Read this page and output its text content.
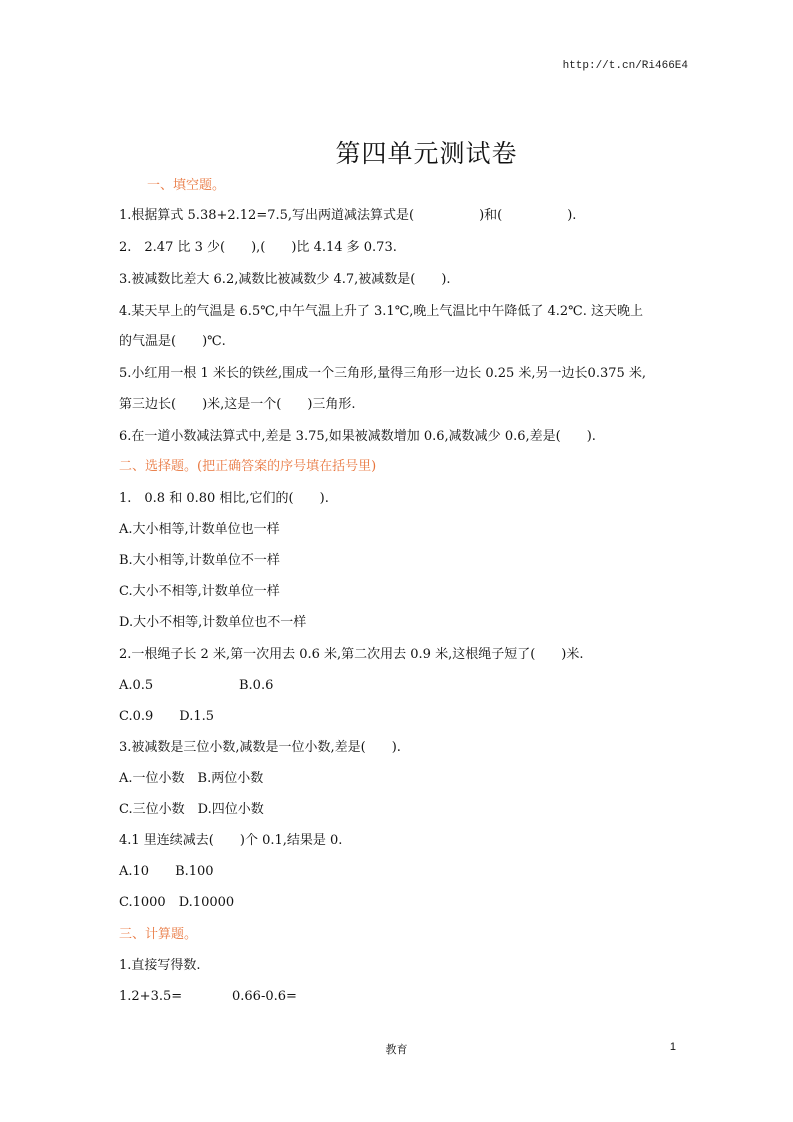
http://t.cn/Ri466E4
第四单元测试卷
一、填空题。
1.根据算式 5.38+2.12=7.5,写出两道减法算式是(　　　　　)和(　　　　　).
2.　2.47 比 3 少(　　),(　　)比 4.14 多 0.73.
3.被减数比差大 6.2,减数比被减数少 4.7,被减数是(　　).
4.某天早上的气温是 6.5℃,中午气温上升了 3.1℃,晚上气温比中午降低了 4.2℃. 这天晚上
的气温是(　　)℃.
5.小红用一根 1 米长的铁丝,围成一个三角形,量得三角形一边长 0.25 米,另一边长0.375 米,
第三边长(　　)米,这是一个(　　)三角形.
6.在一道小数减法算式中,差是 3.75,如果被减数增加 0.6,减数减少 0.6,差是(　　).
二、选择题。(把正确答案的序号填在括号里)
1.　0.8 和 0.80 相比,它们的(　　).
A.大小相等,计数单位也一样
B.大小相等,计数单位不一样
C.大小不相等,计数单位一样
D.大小不相等,计数单位也不一样
2.一根绳子长 2 米,第一次用去 0.6 米,第二次用去 0.9 米,这根绳子短了(　　)米.
A.0.5	B.0.6
C.0.9　　D.1.5
3.被减数是三位小数,减数是一位小数,差是(　　).
A.一位小数　B.两位小数
C.三位小数　D.四位小数
4.1 里连续减去(　　)个 0.1,结果是 0.
A.10　　B.100
C.1000　D.10000
三、计算题。
1.直接写得数.
1.2+3.5=	0.66-0.6=
教育	1
